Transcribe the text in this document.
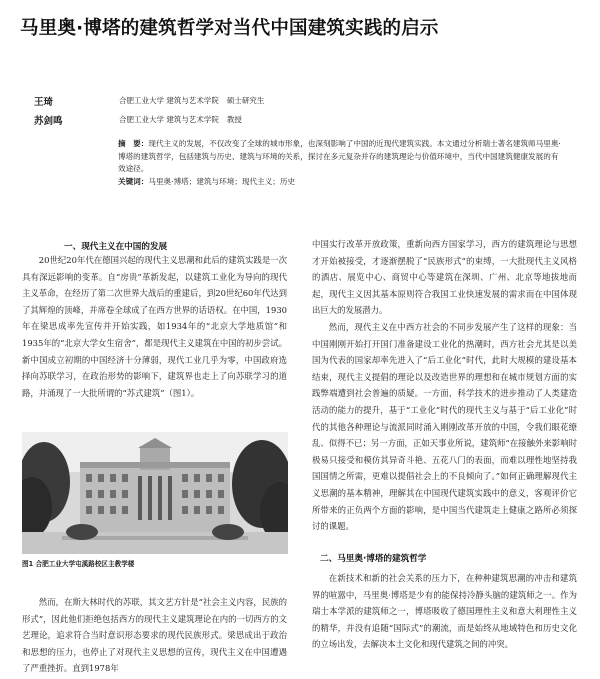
马里奥·博塔的建筑哲学对当代中国建筑实践的启示
王琦	合肥工业大学 建筑与艺术学院 硕士研究生
苏剑鸣	合肥工业大学 建筑与艺术学院 教授
摘　要：现代主义的发展，不仅改变了全球的城市形象，也深刻影响了中国的近现代建筑实践。本文通过分析瑞士著名建筑师马里奥·博塔的建筑哲学，包括建筑与历史、建筑与环境的关系，探讨在多元复杂并存的建筑理论与价值环境中，当代中国建筑健康发展的有效途径。
关键词：马里奥·博塔；建筑与环境；现代主义；历史
一、现代主义在中国的发展

20世纪20年代在德国兴起的现代主义思潮和此后的建筑实践是一次具有深远影响的变革。自“房贵”革新发起，以建筑工业化为导向的现代主义革命，在经历了第二次世界大战后的重建后，到20世纪60年代达到了其辉煌的顶峰，并席卷全球成了在西方世界的话语权。在中国，1930年在梁思成率先宣传并开始实践，如1934年的“北京大学地质馆”和1935年的“北京大学女生宿舍”，都是现代主义建筑在中国的初步尝试。新中国成立初期的中国经济十分薄弱，现代工业几乎为零，中国政府选择向苏联学习，在政治形势的影响下，建筑界也走上了向苏联学习的道路，并涌现了一大批所谓的“苏式建筑”（图1）。

图1 合肥工业大学屯溪路校区主教学楼

然而，在斯大林时代的苏联，其文艺方针是“社会主义内容，民族的形式”，因此他们拒绝包括西方的现代主义建筑理论在内的一切西方的文艺理论，追求符合当时意识形态要求的现代民族形式。梁思成出于政治和思想的压力，也停止了对现代主义思想的宣传，现代主义在中国遭遇了严重挫折。直到1978年

中国实行改革开放政策，重新向西方国家学习，西方的建筑理论与思想才开始被接受，才逐渐摆脱了“民族形式”的束缚，一大批现代主义风格的酒店、展览中心、商贸中心等建筑在深圳、广州、北京等地拔地而起，现代主义因其基本原则符合我国工业快速发展的需求而在中国体现出巨大的发展潜力。

然而，现代主义在中西方社会的不同步发展产生了这样的现象：当中国刚刚开始打开国门准备建设工业化的热潮时，西方社会尤其是以美国为代表的国家却率先进入了“后工业化”时代，此时大规模的建设基本结束，现代主义提倡的理论以及改造世界的理想和在城市规划方面的实践弊端遭到社会普遍的质疑。一方面，科学技术的进步推动了人类建造活动的能力的提升，基于“工业化”时代的现代主义与基于“后工业化”时代的其他各种理论与流派同时涌入刚刚改革开放的中国，令我们眼花缭乱、似得不已；另一方面，正如天事业所说，建筑师“在接触外来影响时极易只接受和模仿其异奇斗艳、五花八门的表面，而难以理性地坚持我国国情之所需，更难以提倡社会上的不良倾向了。”如何正确理解现代主义思潮的基本精神，理解其在中国现代建筑实践中的意义，客观评价它所带来的正负两个方面的影响，是中国当代建筑走上健康之路所必须探讨的课题。

二、马里奥·博塔的建筑哲学

在新技术和新的社会关系的压力下，在种种建筑思潮的冲击和建筑界的喧嚣中，马里奥·博塔是少有的能保持冷静头脑的建筑师之一。作为瑞士本学派的建筑师之一，博塔吸收了德国理性主义和意大利理性主义的精华，并没有追随“国际式”的潮流，而是始终从地域特色和历史文化的立场出发，去解决本土文化和现代建筑之间的冲突。
